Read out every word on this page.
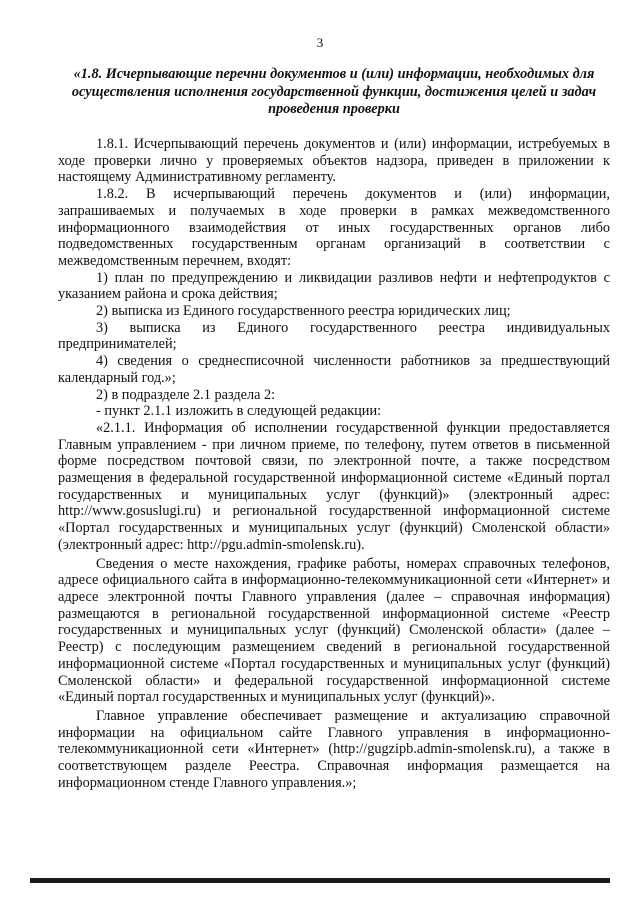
3
«1.8. Исчерпывающие перечни документов и (или) информации, необходимых для осуществления исполнения государственной функции, достижения целей и задач проведения проверки

1.8.1. Исчерпывающий перечень документов и (или) информации, истребуемых в ходе проверки лично у проверяемых объектов надзора, приведен в приложении к настоящему Административному регламенту.

1.8.2. В исчерпывающий перечень документов и (или) информации, запрашиваемых и получаемых в ходе проверки в рамках межведомственного информационного взаимодействия от иных государственных органов либо подведомственных государственным органам организаций в соответствии с межведомственным перечнем, входят:

1) план по предупреждению и ликвидации разливов нефти и нефтепродуктов с указанием района и срока действия;

2) выписка из Единого государственного реестра юридических лиц;

3) выписка из Единого государственного реестра индивидуальных предпринимателей;

4) сведения о среднесписочной численности работников за предшествующий календарный год.»;

2) в подразделе 2.1 раздела 2:

- пункт 2.1.1 изложить в следующей редакции:

«2.1.1. Информация об исполнении государственной функции предоставляется Главным управлением - при личном приеме, по телефону, путем ответов в письменной форме посредством почтовой связи, по электронной почте, а также посредством размещения в федеральной государственной информационной системе «Единый портал государственных и муниципальных услуг (функций)» (электронный адрес: http://www.gosuslugi.ru) и региональной государственной информационной системе «Портал государственных и муниципальных услуг (функций) Смоленской области» (электронный адрес: http://pgu.admin-smolensk.ru).

Сведения о месте нахождения, графике работы, номерах справочных телефонов, адресе официального сайта в информационно-телекоммуникационной сети «Интернет» и адресе электронной почты Главного управления (далее – справочная информация) размещаются в региональной государственной информационной системе «Реестр государственных и муниципальных услуг (функций) Смоленской области» (далее – Реестр) с последующим размещением сведений в региональной государственной информационной системе «Портал государственных и муниципальных услуг (функций) Смоленской области» и федеральной государственной информационной системе «Единый портал государственных и муниципальных услуг (функций)».

Главное управление обеспечивает размещение и актуализацию справочной информации на официальном сайте Главного управления в информационно-телекоммуникационной сети «Интернет» (http://gugzipb.admin-smolensk.ru), а также в соответствующем разделе Реестра. Справочная информация размещается на информационном стенде Главного управления.»;
